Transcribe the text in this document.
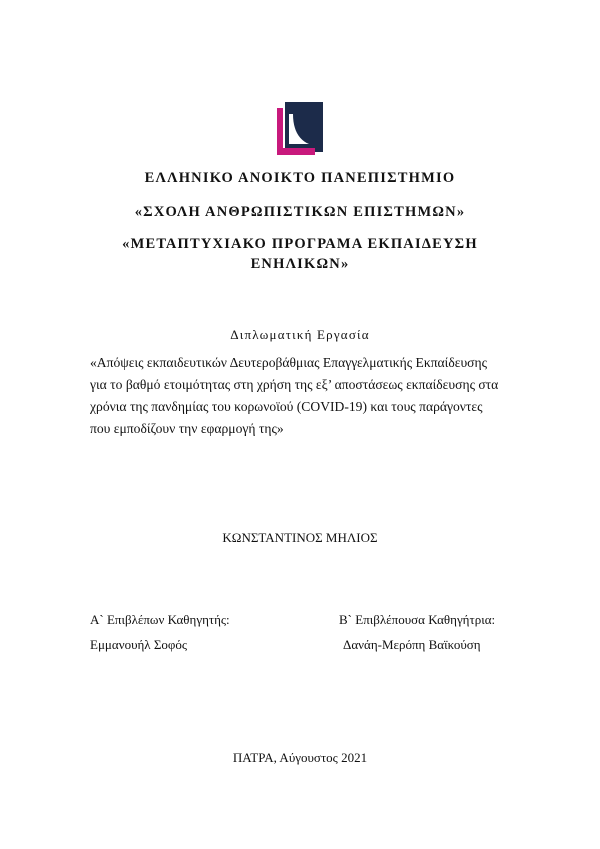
ΕΛΛΗΝΙΚΟ ΑΝΟΙΚΤΟ ΠΑΝΕΠΙΣΤΗΜΙΟ
«ΣΧΟΛΗ ΑΝΘΡΩΠΙΣΤΙΚΩΝ ΕΠΙΣΤΗΜΩΝ»
«ΜΕΤΑΠΤΥΧΙΑΚΟ ΠΡΟΓΡΑΜΑ ΕΚΠΑΙΔΕΥΣΗ
ΕΝΗΛΙΚΩΝ»
Διπλωματική Εργασία
«Απόψεις εκπαιδευτικών Δευτεροβάθμιας Επαγγελματικής Εκπαίδευσης
για το βαθμό ετοιμότητας στη χρήση της εξ’ αποστάσεως εκπαίδευσης στα
χρόνια της πανδημίας του κορωνοϊού (COVID-19) και τους παράγοντες
που εμποδίζουν την εφαρμογή της»
ΚΩΝΣΤΑΝΤΙΝΟΣ ΜΗΛΙΟΣ
Α` Επιβλέπων Καθηγητής:
Εμμανουήλ Σοφός
Β` Επιβλέπουσα Καθηγήτρια:
Δανάη-Μερόπη Βαϊκούση
ΠΑΤΡΑ, Αύγουστος 2021
